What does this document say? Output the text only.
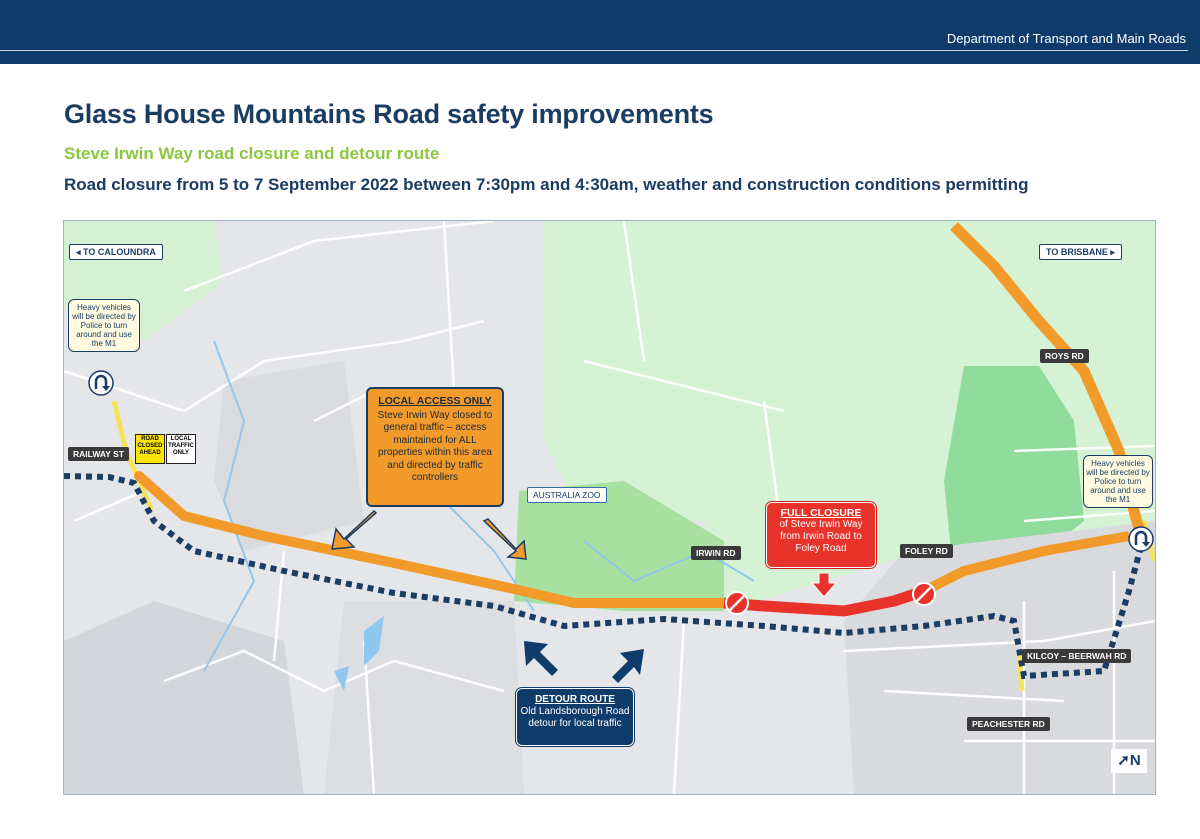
Department of Transport and Main Roads
Glass House Mountains Road safety improvements
Steve Irwin Way road closure and detour route
Road closure from 5 to 7 September 2022 between 7:30pm and 4:30am, weather and construction conditions permitting
◂ TO CALOUNDRA	TO BRISBANE ▸
Heavy vehicles will be directed by Police to turn around and use the M1
Heavy vehicles will be directed by Police to turn around and use the M1
RAILWAY ST
ROAD CLOSED AHEAD
LOCAL TRAFFIC ONLY
LOCAL ACCESS ONLY
Steve Irwin Way closed to general traffic – access maintained for ALL properties within this area and directed by traffic controllers
AUSTRALIA ZOO
IRWIN RD	FOLEY RD
ROYS RD
KILCOY – BEERWAH RD
PEACHESTER RD
FULL CLOSURE
of Steve Irwin Way from Irwin Road to Foley Road
DETOUR ROUTE
Old Landsborough Road detour for local traffic
➚N
